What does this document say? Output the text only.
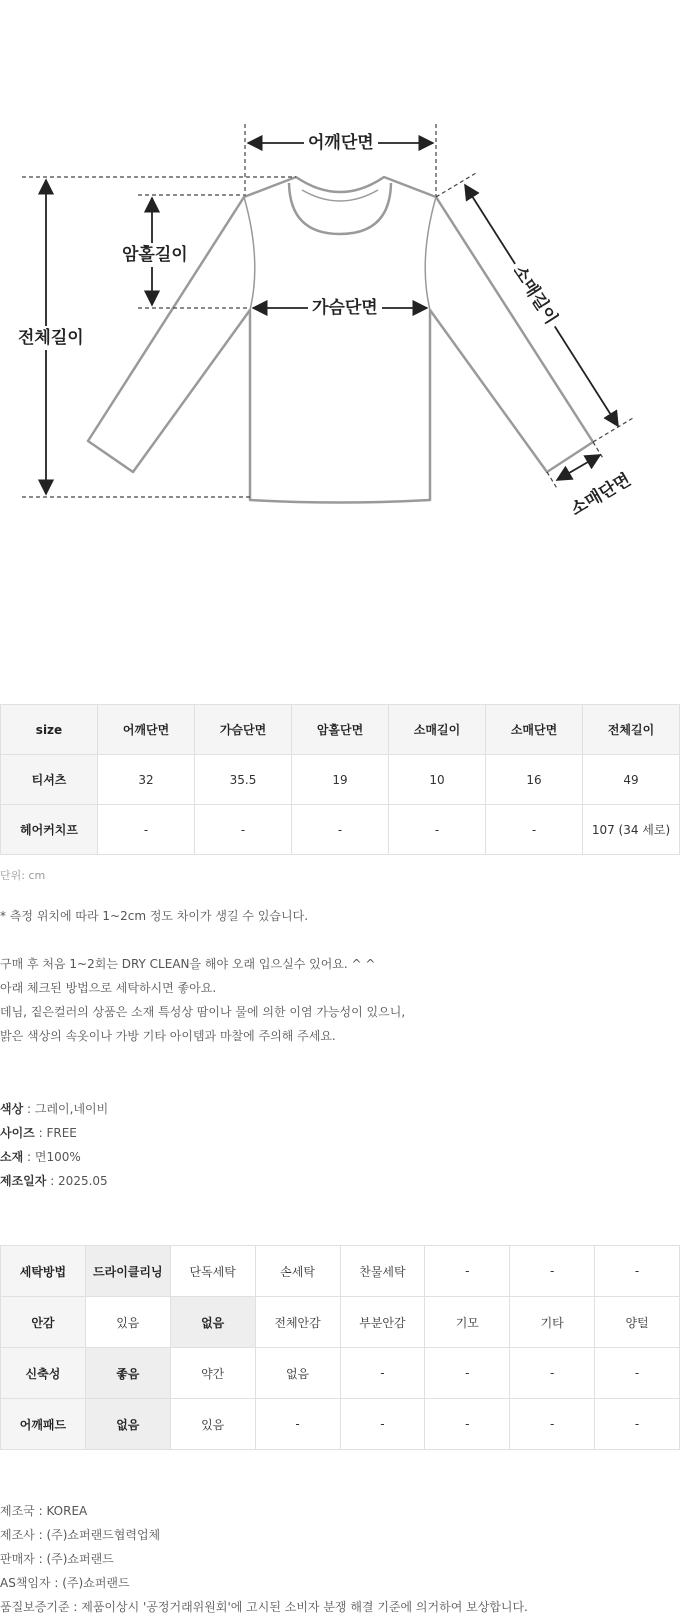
어깨단면
암홀길이
가슴단면
전체길이
소매길이
소매단면
size	어깨단면	가슴단면	암홀단면	소매길이	소매단면	전체길이
티셔츠	32	35.5	19	10	16	49
헤어커치프	-	-	-	-	-	107 (34 세로)
단위: cm
* 측정 위치에 따라 1~2cm 정도 차이가 생길 수 있습니다.
구매 후 처음 1~2회는 DRY CLEAN을 해야 오래 입으실수 있어요. ^ ^
아래 체크된 방법으로 세탁하시면 좋아요.
데님, 짙은컬러의 상품은 소재 특성상 땀이나 물에 의한 이염 가능성이 있으니,
밝은 색상의 속옷이나 가방 기타 아이템과 마찰에 주의해 주세요.
색상 : 그레이,네이비
사이즈 : FREE
소재 : 면100%
제조일자 : 2025.05
세탁방법	드라이클리닝	단독세탁	손세탁	찬물세탁	-	-	-
안감	있음	없음	전체안감	부분안감	기모	기타	양털
신축성	좋음	약간	없음	-	-	-	-
어깨패드	없음	있음	-	-	-	-	-
제조국 : KOREA
제조사 : (주)쇼퍼랜드협력업체
판매자 : (주)쇼퍼랜드
AS책임자 : (주)쇼퍼랜드
품질보증기준 : 제품이상시 '공정거래위원회'에 고시된 소비자 분쟁 해결 기준에 의거하여 보상합니다.
